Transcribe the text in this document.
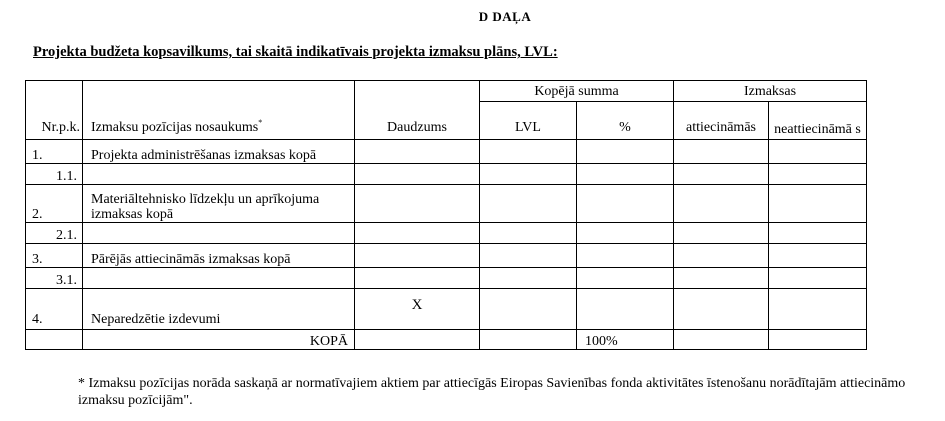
D DAĻA
Projekta budžeta kopsavilkums, tai skaitā indikatīvais projekta izmaksu plāns, LVL:
Nr.p.k.	Izmaksu pozīcijas nosaukums*	Daudzums	Kopējā summa		Izmaksas	
			LVL	%	attiecināmās	neattiecināmā s
1.	Projekta administrēšanas izmaksas kopā					
1.1.						
2.	Materiāltehnisko līdzekļu un aprīkojuma izmaksas kopā					
2.1.						
3.	Pārējās attiecināmās izmaksas kopā					
3.1.						
4.	Neparedzētie izdevumi	X				
	KOPĀ			100%		
* Izmaksu pozīcijas norāda saskaņā ar normatīvajiem aktiem par attiecīgās Eiropas Savienības fonda aktivitātes īstenošanu norādītajām attiecināmo izmaksu pozīcijām".
